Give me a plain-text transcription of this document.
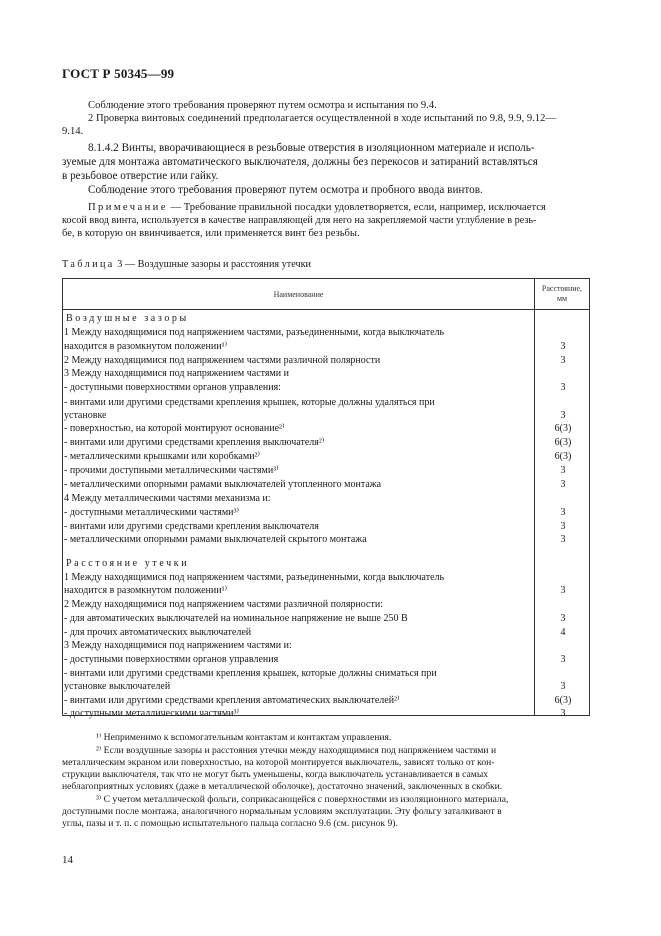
ГОСТ Р 50345—99
Соблюдение этого требования проверяют путем осмотра и испытания по 9.4.
2 Проверка винтовых соединений предполагается осуществленной в ходе испытаний по 9.8, 9.9, 9.12—
9.14.
8.1.4.2 Винты, вворачивающиеся в резьбовые отверстия в изоляционном материале и исполь-
зуемые для монтажа автоматического выключателя, должны без перекосов и затираний вставляться
в резьбовое отверстие или гайку.
Соблюдение этого требования проверяют путем осмотра и пробного ввода винтов.
Примечание — Требование правильной посадки удовлетворяется, если, например, исключается
косой ввод винта, используется в качестве направляющей для него на закрепляемой части углубление в резь-
бе, в которую он ввинчивается, или применяется винт без резьбы.
Таблица 3 — Воздушные зазоры и расстояния утечки
Наименование	Расстояние,
мм

Воздушные зазоры
1 Между находящимися под напряжением частями, разъединенными, когда выключатель
находится в разомкнутом положении¹⁾	3
2 Между находящимися под напряжением частями различной полярности	3
3 Между находящимися под напряжением частями и
- доступными поверхностями органов управления:	3
- винтами или другими средствами крепления крышек, которые должны удаляться при
установке	3
- поверхностью, на которой монтируют основание²⁾	6(3)
- винтами или другими средствами крепления выключателя²⁾	6(3)
- металлическими крышками или коробками²⁾	6(3)
- прочими доступными металлическими частями³⁾	3
- металлическими опорными рамами выключателей утопленного монтажа	3
4 Между металлическими частями механизма и:
- доступными металлическими частями³⁾	3
- винтами или другими средствами крепления выключателя	3
- металлическими опорными рамами выключателей скрытого монтажа	3
Расстояние утечки
1 Между находящимися под напряжением частями, разъединенными, когда выключатель
находится в разомкнутом положении¹⁾	3
2 Между находящимися под напряжением частями различной полярности:
- для автоматических выключателей на номинальное напряжение не выше 250 В	3
- для прочих автоматических выключателей	4
3 Между находящимися под напряжением частями и:
- доступными поверхностями органов управления	3
- винтами или другими средствами крепления крышек, которые должны сниматься при
установке выключателей	3
- винтами или другими средствами крепления автоматических выключателей²⁾	6(3)
- доступными металлическими частями³⁾	3
¹⁾ Неприменимо к вспомогательным контактам и контактам управления.
²⁾ Если воздушные зазоры и расстояния утечки между находящимися под напряжением частями и
металлическим экраном или поверхностью, на которой монтируется выключатель, зависят только от кон-
струкции выключателя, так что не могут быть уменьшены, когда выключатель устанавливается в самых
неблагоприятных условиях (даже в металлической оболочке), достаточно значений, заключенных в скобки.
³⁾ С учетом металлической фольги, соприкасающейся с поверхностями из изоляционного материала,
доступными после монтажа, аналогичного нормальным условиям эксплуатации. Эту фольгу заталкивают в
углы, пазы и т. п. с помощью испытательного пальца согласно 9.6 (см. рисунок 9).
14
